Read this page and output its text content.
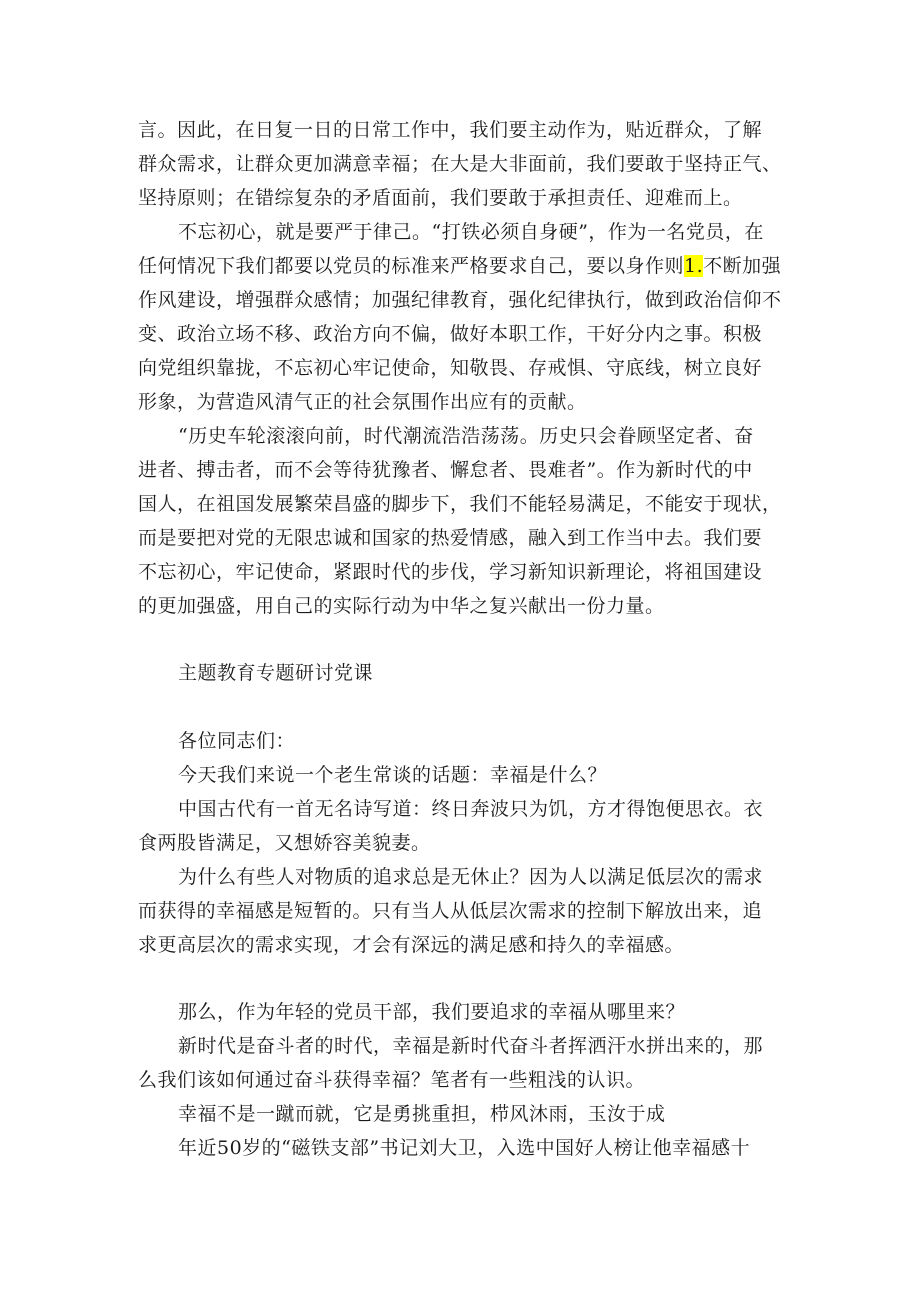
言。因此，在日复一日的日常工作中，我们要主动作为，贴近群众，了解
群众需求，让群众更加满意幸福；在大是大非面前，我们要敢于坚持正气、
坚持原则；在错综复杂的矛盾面前，我们要敢于承担责任、迎难而上。
不忘初心，就是要严于律己。“打铁必须自身硬”，作为一名党员，在
任何情况下我们都要以党员的标准来严格要求自己，要以身作则1.不断加强
作风建设，增强群众感情；加强纪律教育，强化纪律执行，做到政治信仰不
变、政治立场不移、政治方向不偏，做好本职工作，干好分内之事。积极
向党组织靠拢，不忘初心牢记使命，知敬畏、存戒惧、守底线，树立良好
形象，为营造风清气正的社会氛围作出应有的贡献。
“历史车轮滚滚向前，时代潮流浩浩荡荡。历史只会眷顾坚定者、奋
进者、搏击者，而不会等待犹豫者、懈怠者、畏难者”。作为新时代的中
国人，在祖国发展繁荣昌盛的脚步下，我们不能轻易满足，不能安于现状，
而是要把对党的无限忠诚和国家的热爱情感，融入到工作当中去。我们要
不忘初心，牢记使命，紧跟时代的步伐，学习新知识新理论，将祖国建设
的更加强盛，用自己的实际行动为中华之复兴献出一份力量。
主题教育专题研讨党课
各位同志们：
今天我们来说一个老生常谈的话题：幸福是什么？
中国古代有一首无名诗写道：终日奔波只为饥，方才得饱便思衣。衣
食两股皆满足，又想娇容美貌妻。
为什么有些人对物质的追求总是无休止？因为人以满足低层次的需求
而获得的幸福感是短暂的。只有当人从低层次需求的控制下解放出来，追
求更高层次的需求实现，才会有深远的满足感和持久的幸福感。
那么，作为年轻的党员干部，我们要追求的幸福从哪里来？
新时代是奋斗者的时代，幸福是新时代奋斗者挥洒汗水拼出来的，那
么我们该如何通过奋斗获得幸福？笔者有一些粗浅的认识。
幸福不是一蹴而就，它是勇挑重担，栉风沐雨，玉汝于成
年近50岁的“磁铁支部”书记刘大卫，入选中国好人榜让他幸福感十
